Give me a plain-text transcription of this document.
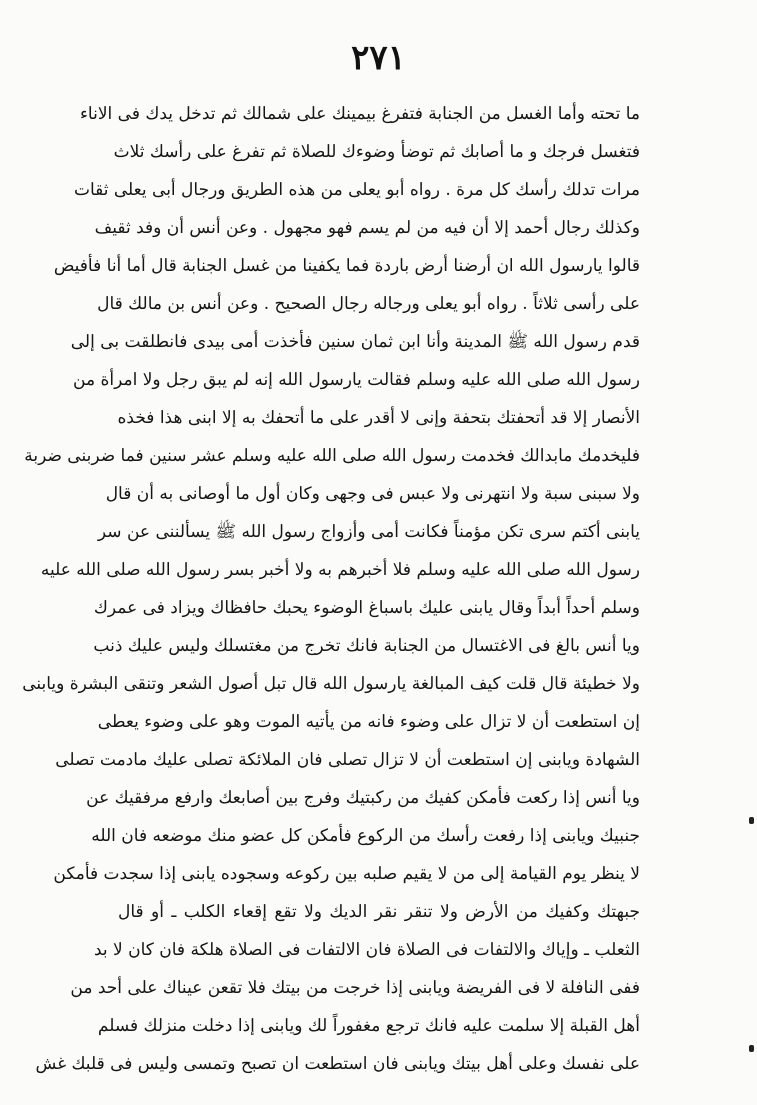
٢٧١
ما تحته وأما الغسل من الجنابة فتفرغ بيمينك على شمالك ثم تدخل يدك فى الاناء
فتغسل فرجك و ما أصابك ثم توضأ وضوءك للصلاة ثم تفرغ على رأسك ثلاث
مرات تدلك رأسك كل مرة . رواه أبو يعلى من هذه الطريق ورجال أبى يعلى ثقات
وكذلك رجال أحمد إلا أن فيه من لم يسم فهو مجهول . وعن أنس أن وفد ثقيف
قالوا يارسول الله ان أرضنا أرض باردة فما يكفينا من غسل الجنابة قال أما أنا فأفيض
على رأسى ثلاثاً . رواه أبو يعلى ورجاله رجال الصحيح . وعن أنس بن مالك قال
قدم رسول الله ﷺ المدينة وأنا ابن ثمان سنين فأخذت أمى بيدى فانطلقت بى إلى
رسول الله صلى الله عليه وسلم فقالت يارسول الله إنه لم يبق رجل ولا امرأة من
الأنصار إلا قد أتحفتك بتحفة وإنى لا أقدر على ما أتحفك به إلا ابنى هذا فخذه
فليخدمك مابدالك فخدمت رسول الله صلى الله عليه وسلم عشر سنين فما ضربنى ضربة
ولا سبنى سبة ولا انتهرنى ولا عبس فى وجهى وكان أول ما أوصانى به أن قال
يابنى أكتم سرى تكن مؤمناً فكانت أمى وأزواج رسول الله ﷺ يسألننى عن سر
رسول الله صلى الله عليه وسلم فلا أخبرهم به ولا أخبر بسر رسول الله صلى الله عليه
وسلم أحداً أبداً وقال يابنى عليك باسباغ الوضوء يحبك حافظاك ويزاد فى عمرك
ويا أنس بالغ فى الاغتسال من الجنابة فانك تخرج من مغتسلك وليس عليك ذنب
ولا خطيئة قال قلت كيف المبالغة يارسول الله قال تبل أصول الشعر وتنقى البشرة ويابنى
إن استطعت أن لا تزال على وضوء فانه من يأتيه الموت وهو على وضوء يعطى
الشهادة ويابنى إن استطعت أن لا تزال تصلى فان الملائكة تصلى عليك مادمت تصلى
ويا أنس إذا ركعت فأمكن كفيك من ركبتيك وفرج بين أصابعك وارفع مرفقيك عن
جنبيك ويابنى إذا رفعت رأسك من الركوع فأمكن كل عضو منك موضعه فان الله
لا ينظر يوم القيامة إلى من لا يقيم صلبه بين ركوعه وسجوده يابنى إذا سجدت فأمكن
جبهتك وكفيك من الأرض ولا تنقر نقر الديك ولا تقع إقعاء الكلب ـ أو قال
الثعلب ـ وإياك والالتفات فى الصلاة فان الالتفات فى الصلاة هلكة فان كان لا بد
ففى النافلة لا فى الفريضة ويابنى إذا خرجت من بيتك فلا تقعن عيناك على أحد من
أهل القبلة إلا سلمت عليه فانك ترجع مغفوراً لك ويابنى إذا دخلت منزلك فسلم
على نفسك وعلى أهل بيتك ويابنى فان استطعت ان تصبح وتمسى وليس فى قلبك غش
